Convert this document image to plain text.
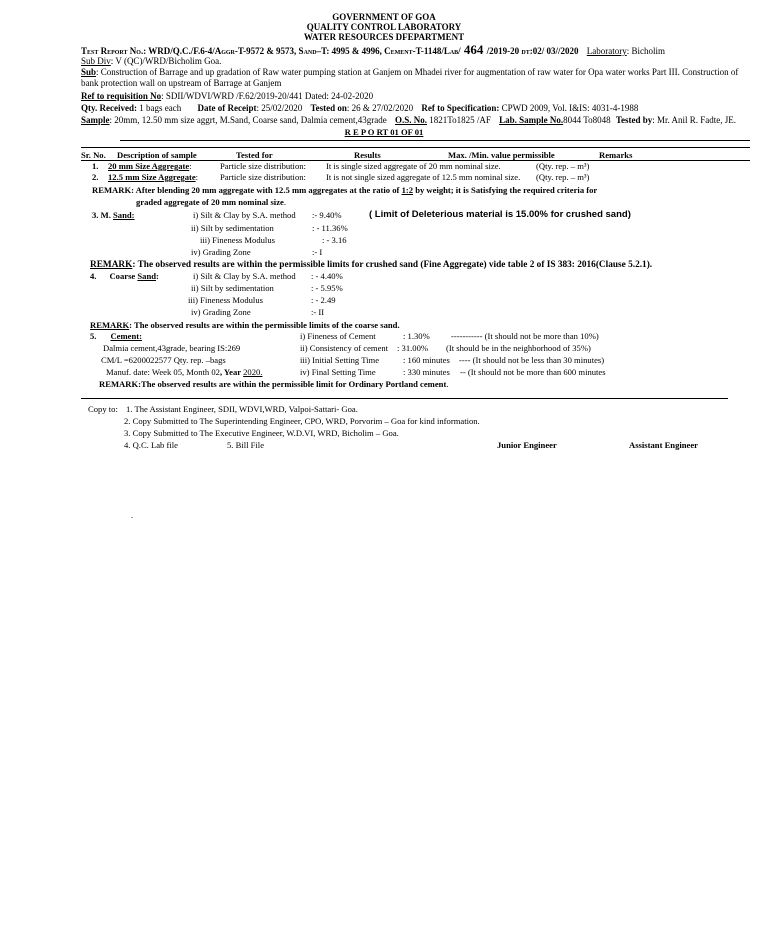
GOVERNMENT OF GOA
QUALITY CONTROL LABORATORY
WATER RESOURCES DFEPARTMENT
Test Report No.: WRD/Q.C./F.6-4/Aggr-T-9572 & 9573, Sand–T: 4995 & 4996, Cement-T-1148/Lab/ 464 /2019-20 dt:02/ 03//2020 Laboratory: Bicholim
Sub Div: V (QC)/WRD/Bicholim Goa.
Sub: Construction of Barrage and up gradation of Raw water pumping station at Ganjem on Mhadei river for augmentation of raw water for Opa water works Part III. Construction of bank protection wall on upstream of Barrage at Ganjem
Ref to requisition No: SDII/WDVI/WRD /F.62/2019-20/441 Dated: 24-02-2020
Qty. Received: 1 bags each Date of Receipt: 25/02/2020 Tested on: 26 & 27/02/2020 Ref to Specification: CPWD 2009, Vol. I&IS: 4031-4-1988
Sample: 20mm, 12.50 mm size aggrt, M.Sand, Coarse sand, Dalmia cement,43grade O.S. No. 1821To1825 /AF Lab. Sample No.8044 To8048 Tested by: Mr. Anil R. Fadte, JE.
R E P O RT 01 OF 01
Sr. No. Description of sample	Tested for	Results	Max. /Min. value permissible	Remarks
1. 20 mm Size Aggregate:	Particle size distribution: It is single sized aggregate of 20 mm nominal size.	(Qty. rep. – m³)
2. 12.5 mm Size Aggregate:	Particle size distribution: It is not single sized aggregate of 12.5 mm nominal size. (Qty. rep. – m³)
REMARK: After blending 20 mm aggregate with 12.5 mm aggregates at the ratio of 1:2 by weight; it is Satisfying the required criteria for
graded aggregate of 20 mm nominal size.
3. M. Sand:	( Limit of Deleterious material is 15.00% for crushed sand)
i) Silt & Clay by S.A. method :- 9.40%
ii) Silt by sedimentation	: - 11.36%
iii) Fineness Modulus	: - 3.16
iv) Grading Zone	:- I
REMARK: The observed results are within the permissible limits for crushed sand (Fine Aggregate) vide table 2 of IS 383: 2016(Clause 5.2.1).
4. Coarse Sand:	i) Silt & Clay by S.A. method : - 4.40%
ii) Silt by sedimentation	: - 5.95%
iii) Fineness Modulus	: - 2.49
iv) Grading Zone	:- II
REMARK: The observed results are within the permissible limits of the coarse sand.
5. Cement:
Dalmia cement,43grade, bearing IS:269
CM/L =6200022577 Qty. rep. –bags
Manuf. date: Week 05, Month 02, Year 2020.
i) Fineness of Cement	: 1.30% ----------- (It should not be more than 10%)
ii) Consistency of cement : 31.00% (It should be in the neighborhood of 35%)
iii) Initial Setting Time	: 160 minutes ---- (It should not be less than 30 minutes)
iv) Final Setting Time	: 330 minutes -- (It should not be more than 600 minutes
REMARK:The observed results are within the permissible limit for Ordinary Portland cement.
Copy to: 1. The Assistant Engineer, SDII, WDVI,WRD, Valpoi-Sattari- Goa.
2. Copy Submitted to The Superintending Engineer, CPO, WRD, Porvorim – Goa for kind information.
3. Copy Submitted to The Executive Engineer, W.D.VI, WRD, Bicholim – Goa.
4. Q.C. Lab file	5. Bill File	Junior Engineer	Assistant Engineer
.
